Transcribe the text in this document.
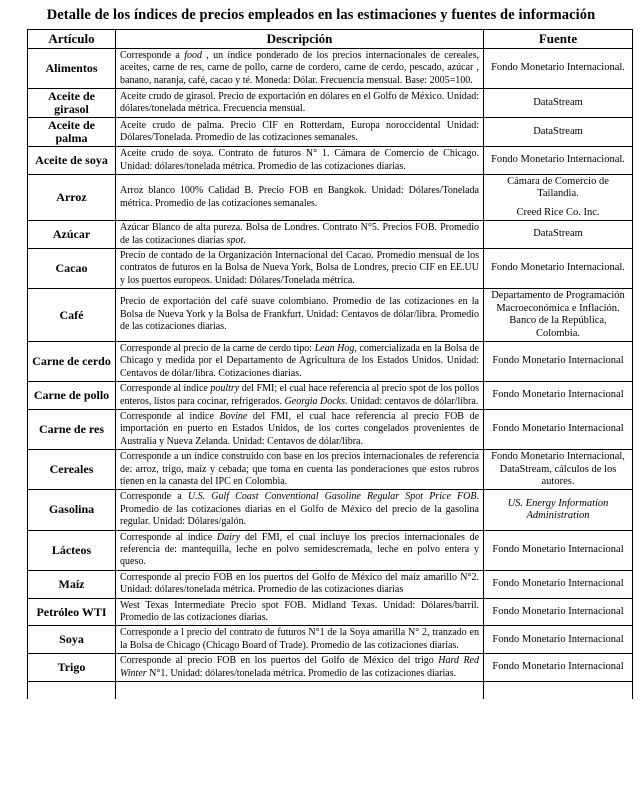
Detalle de los índices de precios empleados en las estimaciones y fuentes de información
Artículo	Descripción	Fuente
Alimentos	Corresponde a food , un índice ponderado de los precios internacionales de cereales, aceites, carne de res, carne de pollo, carne de cordero, carne de cerdo, pescado, azúcar , banano, naranja, café, cacao y té. Moneda: Dólar. Frecuencia mensual. Base: 2005=100.	Fondo Monetario Internacional.

Aceite de girasol	Aceite crudo de girasol. Precio de exportación en dólares en el Golfo de México. Unidad: dólares/tonelada métrica. Frecuencia mensual.	DataStream

Aceite de palma	Aceite crudo de palma. Precio CIF en Rotterdam, Europa noroccidental Unidad: Dólares/Tonelada. Promedio de las cotizaciones semanales.	DataStream

Aceite de soya	Aceite crudo de soya. Contrato de futuros N° 1. Cámara de Comercio de Chicago. Unidad: dólares/tonelada métrica. Promedio de las cotizaciones diarias.	Fondo Monetario Internacional.

Arroz	Arroz blanco 100% Calidad B. Precio FOB en Bangkok. Unidad: Dólares/Tonelada métrica. Promedio de las cotizaciones semanales.	Cámara de Comercio de Tailandia.
Creed Rice Co. Inc.

Azúcar	Azúcar Blanco de alta pureza. Bolsa de Londres. Contrato N°5. Precios FOB. Promedio de las cotizaciones diarias spot.	DataStream

Cacao	Precio de contado de la Organización Internacional del Cacao. Promedio mensual de los contratos de futuros en la Bolsa de Nueva York, Bolsa de Londres, precio CIF en EE.UU y los puertos europeos. Unidad: Dólares/Tonelada métrica.	Fondo Monetario Internacional.

Café	Precio de exportación del café suave colombiano. Promedio de las cotizaciones en la Bolsa de Nueva York y la Bolsa de Frankfurt. Unidad: Centavos de dólar/libra. Promedio de las cotizaciones diarias.	Departamento de Programación Macroeconómica e Inflación. Banco de la República, Colombia.

Carne de cerdo	Corresponde al precio de la carne de cerdo tipo: Lean Hog, comercializada en la Bolsa de Chicago y medida por el Departamento de Agricultura de los Estados Unidos. Unidad: Centavos de dólar/libra. Cotizaciones diarias.	Fondo Monetario Internacional

Carne de pollo	Corresponde al índice poultry del FMI; el cual hace referencia al precio spot de los pollos enteros, listos para cocinar, refrigerados. Georgia Docks. Unidad: centavos de dólar/libra.	Fondo Monetario Internacional

Carne de res	Corresponde al índice Bovine del FMI, el cual hace referencia al precio FOB de importación en puerto en Estados Unidos, de los cortes congelados provenientes de Australia y Nueva Zelanda. Unidad: Centavos de dólar/libra.	Fondo Monetario Internacional

Cereales	Corresponde a un índice construido con base en los precios internacionales de referencia de: arroz, trigo, maíz y cebada; que toma en cuenta las ponderaciones que estos rubros tienen en la canasta del IPC en Colombia.	Fondo Monetario Internacional, DataStream, cálculos de los autores.

Gasolina	Corresponde a U.S. Gulf Coast Conventional Gasoline Regular Spot Price FOB. Promedio de las cotizaciones diarias en el Golfo de México del precio de la gasolina regular. Unidad: Dólares/galón.	US. Energy Information Administration

Lácteos	Corresponde al índice Dairy del FMI, el cual incluye los precios internacionales de referencia de: mantequilla, leche en polvo semidescremada, leche en polvo entera y queso.	Fondo Monetario Internacional

Maíz	Corresponde al precio FOB en los puertos del Golfo de México del maíz amarillo N°2. Unidad: dólares/tonelada métrica. Promedio de las cotizaciones diarias	Fondo Monetario Internacional

Petróleo WTI	West Texas Intermediate Precio spot FOB. Midland Texas. Unidad: Dólares/barril. Promedio de las cotizaciones diarias.	Fondo Monetario Internacional

Soya	Corresponde a l precio del contrato de futuros N°1 de la Soya amarilla N° 2, tranzado en la Bolsa de Chicago (Chicago Board of Trade). Promedio de las cotizaciones diarias.	Fondo Monetario Internacional

Trigo	Corresponde al precio FOB en los puertos del Golfo de México del trigo Hard Red Winter N°1. Unidad: dólares/tonelada métrica. Promedio de las cotizaciones diarias.	Fondo Monetario Internacional
